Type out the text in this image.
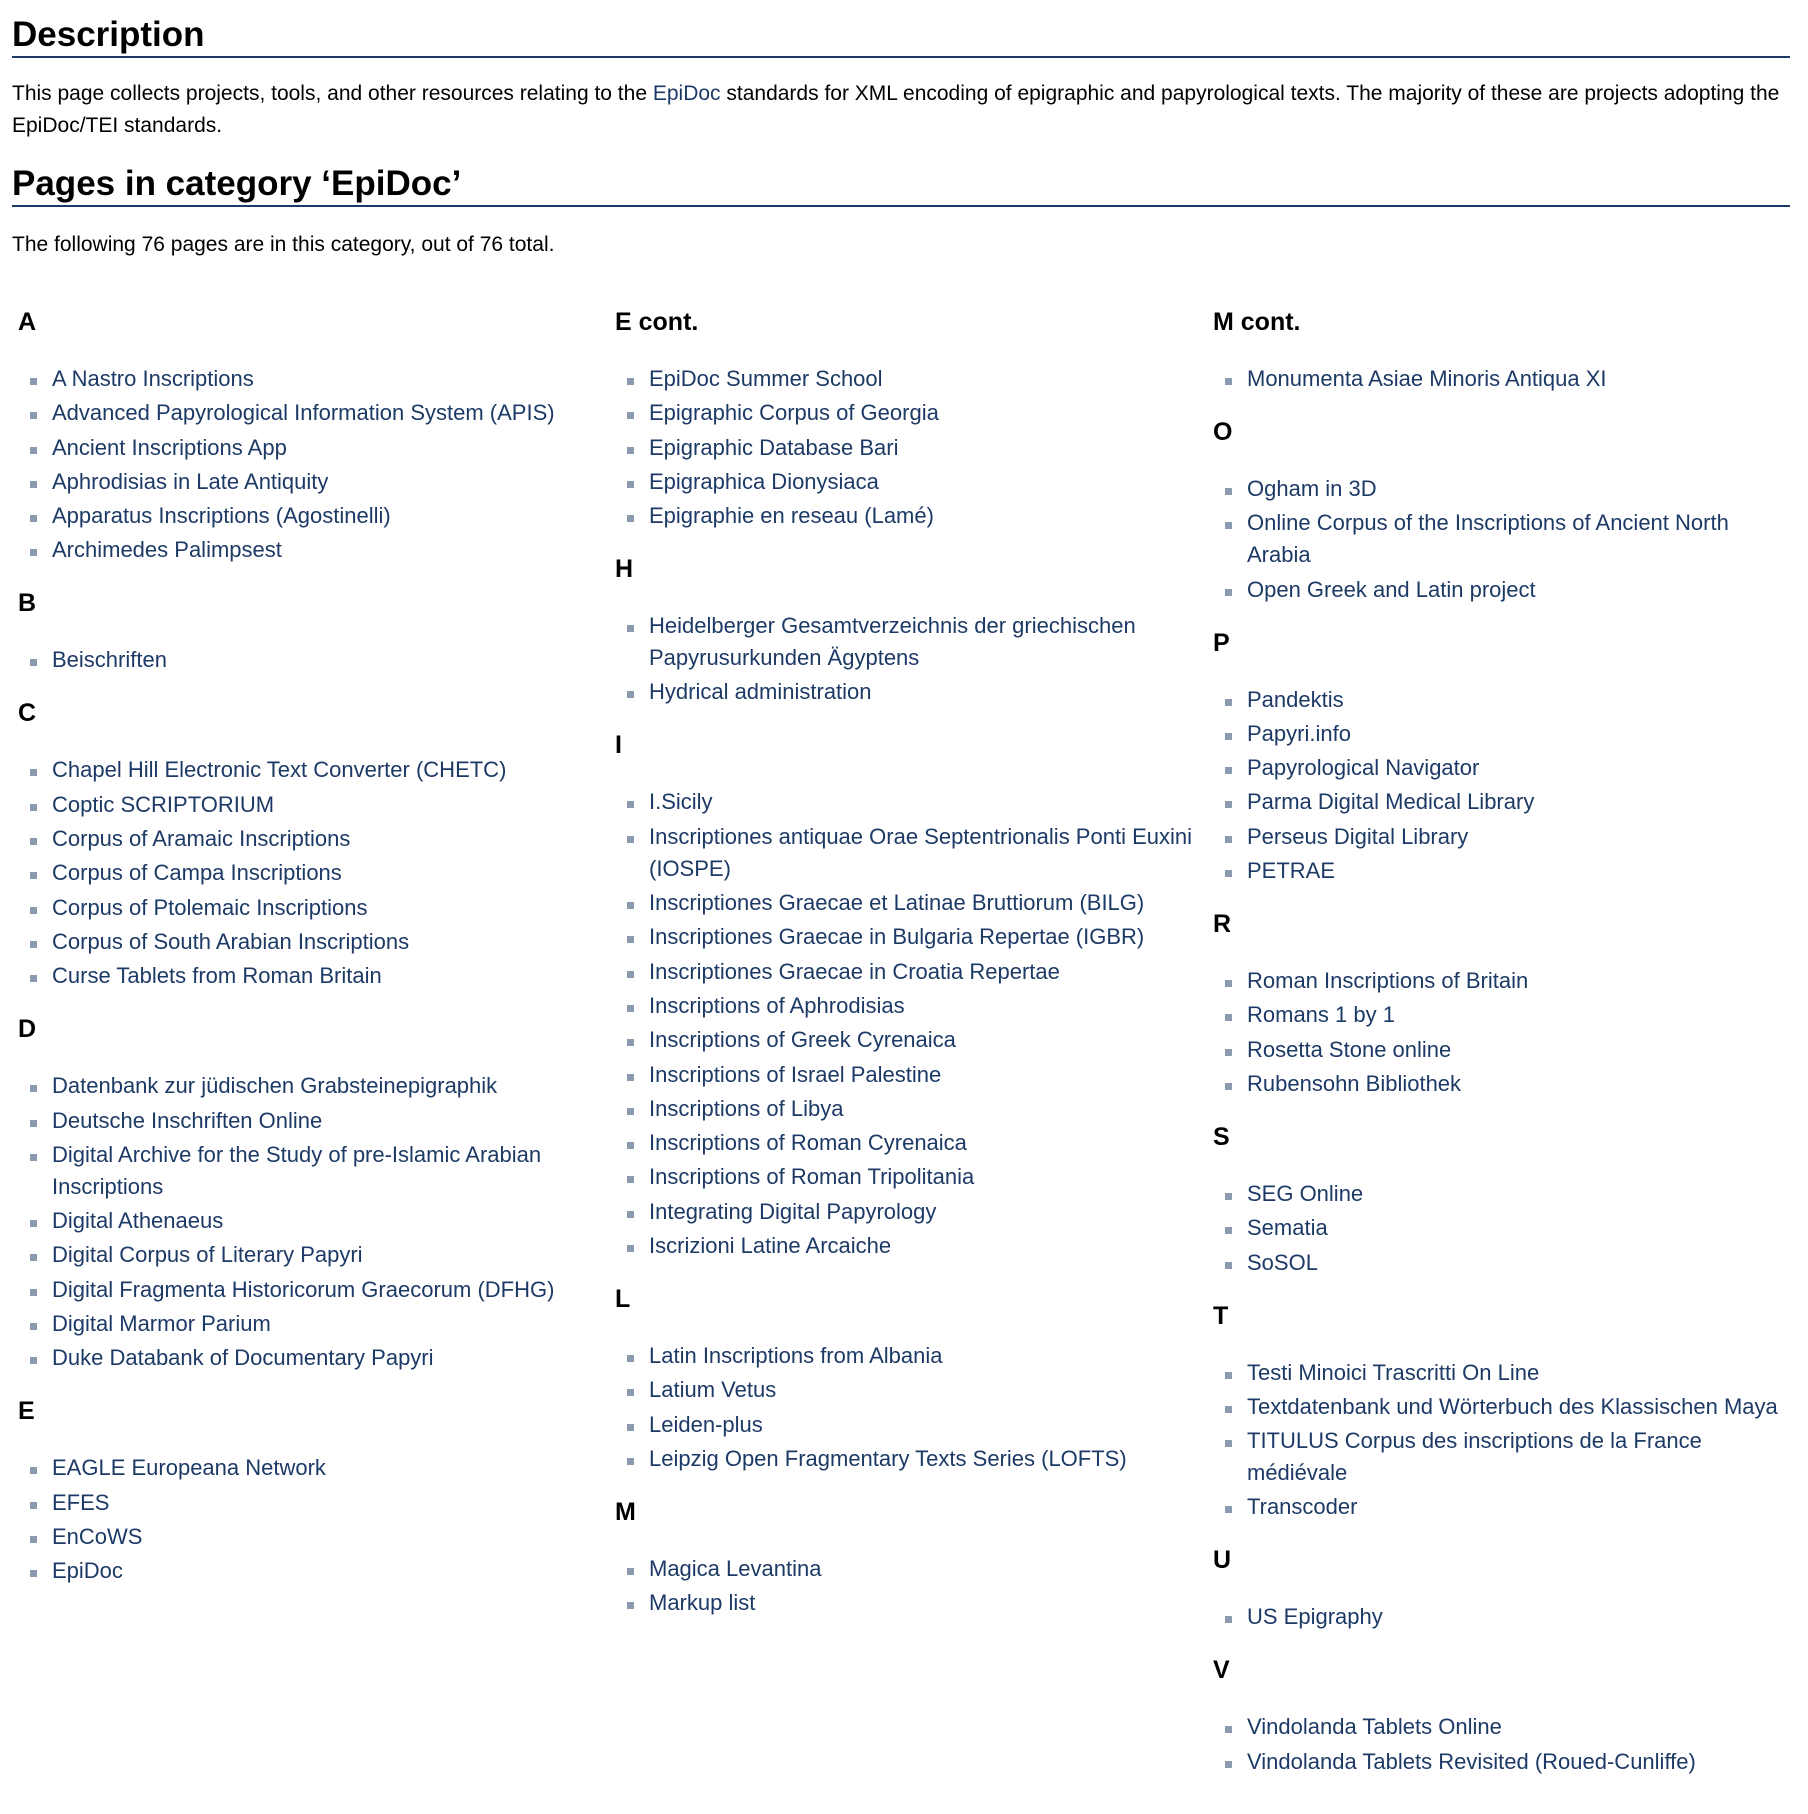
Description

This page collects projects, tools, and other resources relating to the EpiDoc standards for XML encoding of epigraphic and papyrological texts. The majority of these are projects adopting the EpiDoc/TEI standards.

Pages in category ‘EpiDoc’

The following 76 pages are in this category, out of 76 total.

A
A Nastro Inscriptions
Advanced Papyrological Information System (APIS)
Ancient Inscriptions App
Aphrodisias in Late Antiquity
Apparatus Inscriptions (Agostinelli)
Archimedes Palimpsest
B
Beischriften
C
Chapel Hill Electronic Text Converter (CHETC)
Coptic SCRIPTORIUM
Corpus of Aramaic Inscriptions
Corpus of Campa Inscriptions
Corpus of Ptolemaic Inscriptions
Corpus of South Arabian Inscriptions
Curse Tablets from Roman Britain
D
Datenbank zur jüdischen Grabsteinepigraphik
Deutsche Inschriften Online
Digital Archive for the Study of pre-Islamic Arabian Inscriptions
Digital Athenaeus
Digital Corpus of Literary Papyri
Digital Fragmenta Historicorum Graecorum (DFHG)
Digital Marmor Parium
Duke Databank of Documentary Papyri
E
EAGLE Europeana Network
EFES
EnCoWS
EpiDoc
E cont.
EpiDoc Summer School
Epigraphic Corpus of Georgia
Epigraphic Database Bari
Epigraphica Dionysiaca
Epigraphie en reseau (Lamé)
H
Heidelberger Gesamtverzeichnis der griechischen Papyrusurkunden Ägyptens
Hydrical administration
I
I.Sicily
Inscriptiones antiquae Orae Septentrionalis Ponti Euxini (IOSPE)
Inscriptiones Graecae et Latinae Bruttiorum (BILG)
Inscriptiones Graecae in Bulgaria Repertae (IGBR)
Inscriptiones Graecae in Croatia Repertae
Inscriptions of Aphrodisias
Inscriptions of Greek Cyrenaica
Inscriptions of Israel Palestine
Inscriptions of Libya
Inscriptions of Roman Cyrenaica
Inscriptions of Roman Tripolitania
Integrating Digital Papyrology
Iscrizioni Latine Arcaiche
L
Latin Inscriptions from Albania
Latium Vetus
Leiden-plus
Leipzig Open Fragmentary Texts Series (LOFTS)
M
Magica Levantina
Markup list
M cont.
Monumenta Asiae Minoris Antiqua XI
O
Ogham in 3D
Online Corpus of the Inscriptions of Ancient North Arabia
Open Greek and Latin project
P
Pandektis
Papyri.info
Papyrological Navigator
Parma Digital Medical Library
Perseus Digital Library
PETRAE
R
Roman Inscriptions of Britain
Romans 1 by 1
Rosetta Stone online
Rubensohn Bibliothek
S
SEG Online
Sematia
SoSOL
T
Testi Minoici Trascritti On Line
Textdatenbank und Wörterbuch des Klassischen Maya
TITULUS Corpus des inscriptions de la France médiévale
Transcoder
U
US Epigraphy
V
Vindolanda Tablets Online
Vindolanda Tablets Revisited (Roued-Cunliffe)
